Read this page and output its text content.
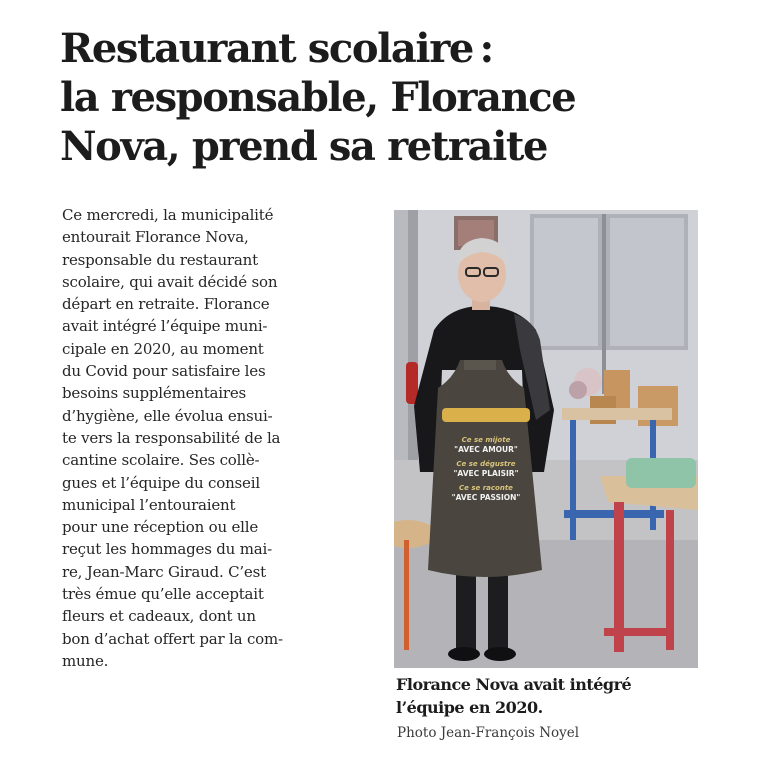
Restaurant scolaire :
la responsable, Florance
Nova, prend sa retraite
Ce mercredi, la municipalité
entourait Florance Nova,
responsable du restaurant
scolaire, qui avait décidé son
départ en retraite. Florance
avait intégré l’équipe muni-
cipale en 2020, au moment
du Covid pour satisfaire les
besoins supplémentaires
d’hygiène, elle évolua ensui-
te vers la responsabilité de la
cantine scolaire. Ses collè-
gues et l’équipe du conseil
municipal l’entouraient
pour une réception ou elle
reçut les hommages du mai-
re, Jean-Marc Giraud. C’est
très émue qu’elle acceptait
fleurs et cadeaux, dont un
bon d’achat offert par la com-
mune.
Ce se mijote
"AVEC AMOUR"
Ce se dégustre
"AVEC PLAISIR"
Ce se raconte
"AVEC PASSION"

Florance Nova avait intégré
l’équipe en 2020.

Photo Jean-François Noyel
